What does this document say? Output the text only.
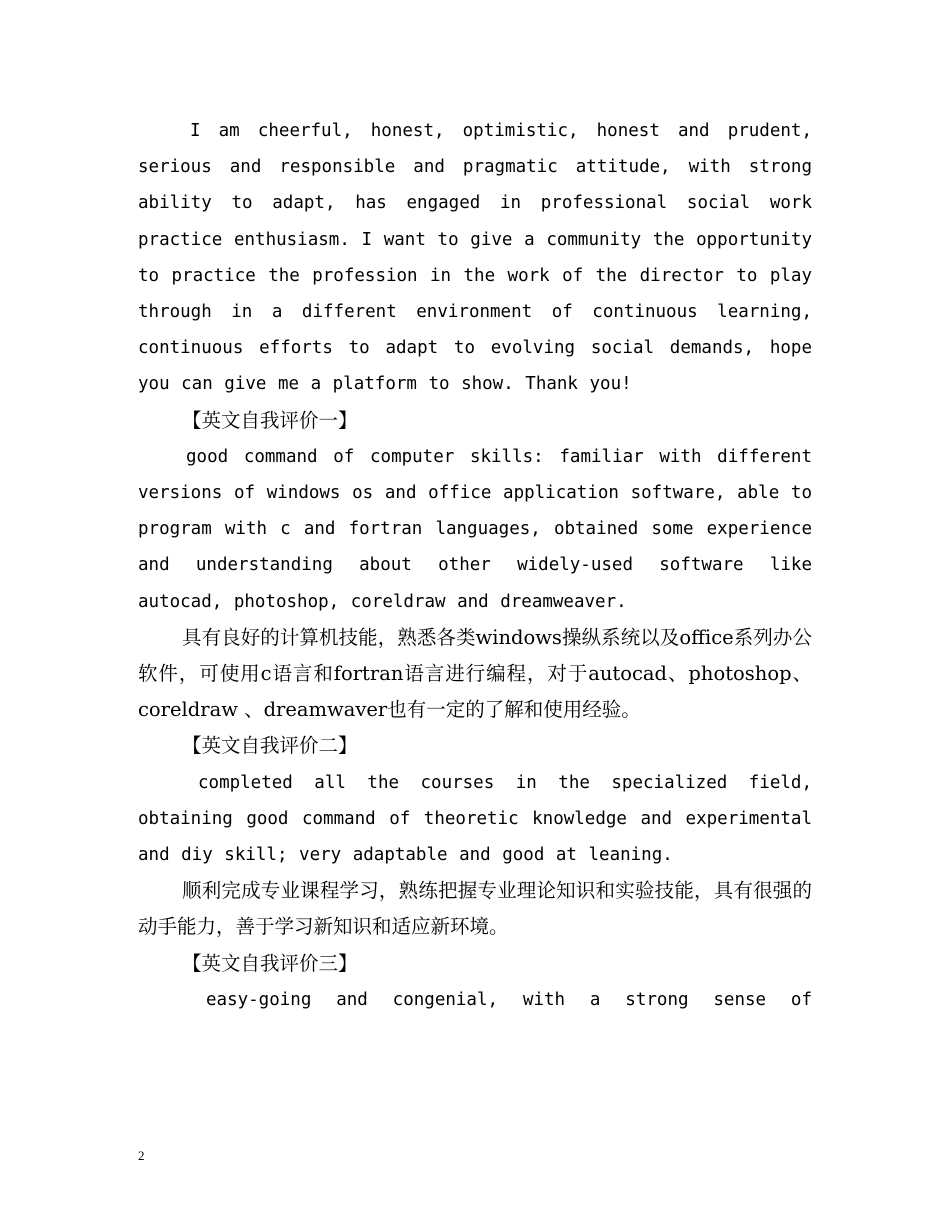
I am cheerful, honest, optimistic, honest and prudent, serious and responsible and pragmatic attitude, with strong ability to adapt, has engaged in professional social work practice enthusiasm. I want to give a community the opportunity to practice the profession in the work of the director to play through in a different environment of continuous learning, continuous efforts to adapt to evolving social demands, hope you can give me a platform to show. Thank you!

【英文自我评价一】

good command of computer skills: familiar with different versions of windows os and office application software, able to program with c and fortran languages, obtained some experience and understanding about other widely-used software like autocad, photoshop, coreldraw and dreamweaver.

具有良好的计算机技能，熟悉各类windows操纵系统以及office系列办公软件，可使用c语言和fortran语言进行编程，对于autocad、photoshop、 coreldraw 、dreamwaver也有一定的了解和使用经验。

【英文自我评价二】

completed all the courses in the specialized field, obtaining good command of theoretic knowledge and experimental and diy skill; very adaptable and good at leaning.

顺利完成专业课程学习，熟练把握专业理论知识和实验技能，具有很强的动手能力，善于学习新知识和适应新环境。

【英文自我评价三】

easy-going and congenial, with a strong sense of

2
